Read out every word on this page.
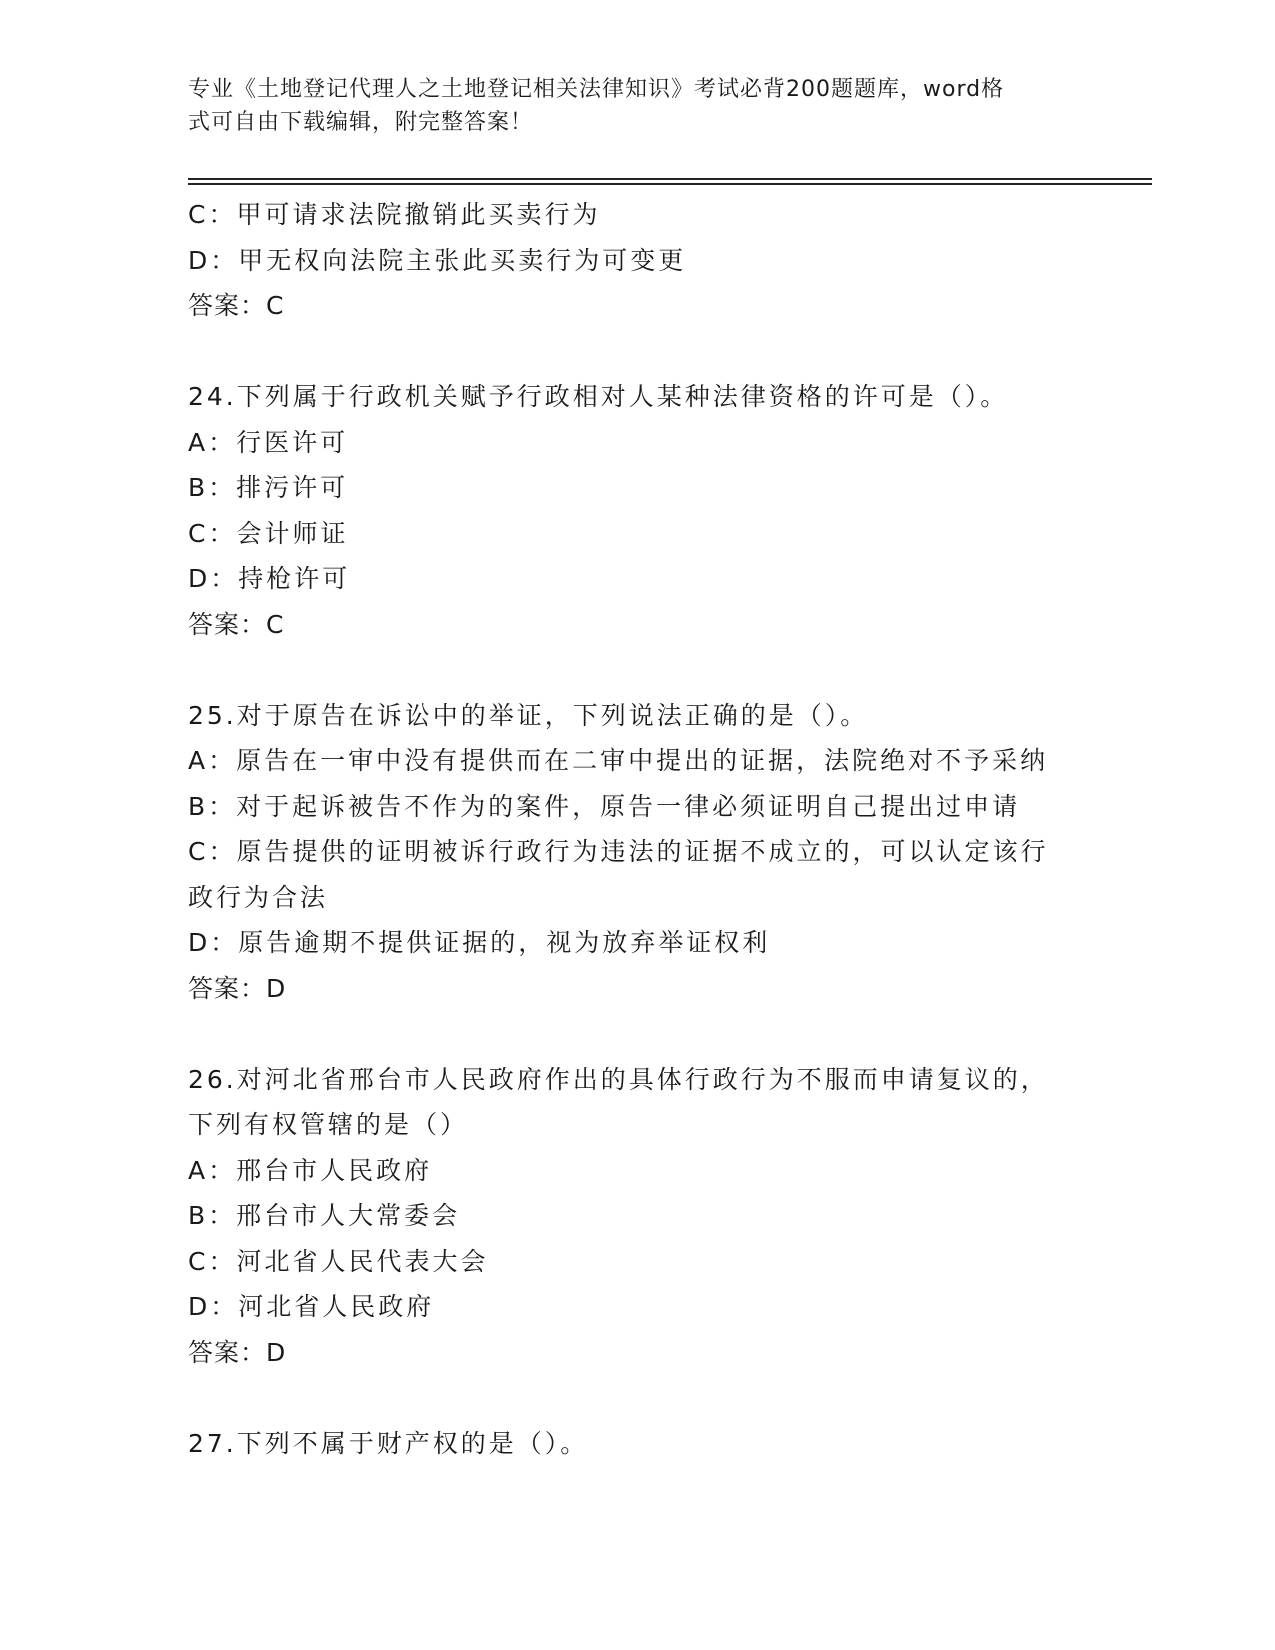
专业《土地登记代理人之土地登记相关法律知识》考试必背200题题库，word格
式可自由下载编辑，附完整答案！
C：甲可请求法院撤销此买卖行为
D：甲无权向法院主张此买卖行为可变更
答案：C
24.下列属于行政机关赋予行政相对人某种法律资格的许可是（）。
A：行医许可
B：排污许可
C：会计师证
D：持枪许可
答案：C
25.对于原告在诉讼中的举证，下列说法正确的是（）。
A：原告在一审中没有提供而在二审中提出的证据，法院绝对不予采纳
B：对于起诉被告不作为的案件，原告一律必须证明自己提出过申请
C：原告提供的证明被诉行政行为违法的证据不成立的，可以认定该行
政行为合法
D：原告逾期不提供证据的，视为放弃举证权利
答案：D
26.对河北省邢台市人民政府作出的具体行政行为不服而申请复议的，
下列有权管辖的是（）
A：邢台市人民政府
B：邢台市人大常委会
C：河北省人民代表大会
D：河北省人民政府
答案：D
27.下列不属于财产权的是（）。
